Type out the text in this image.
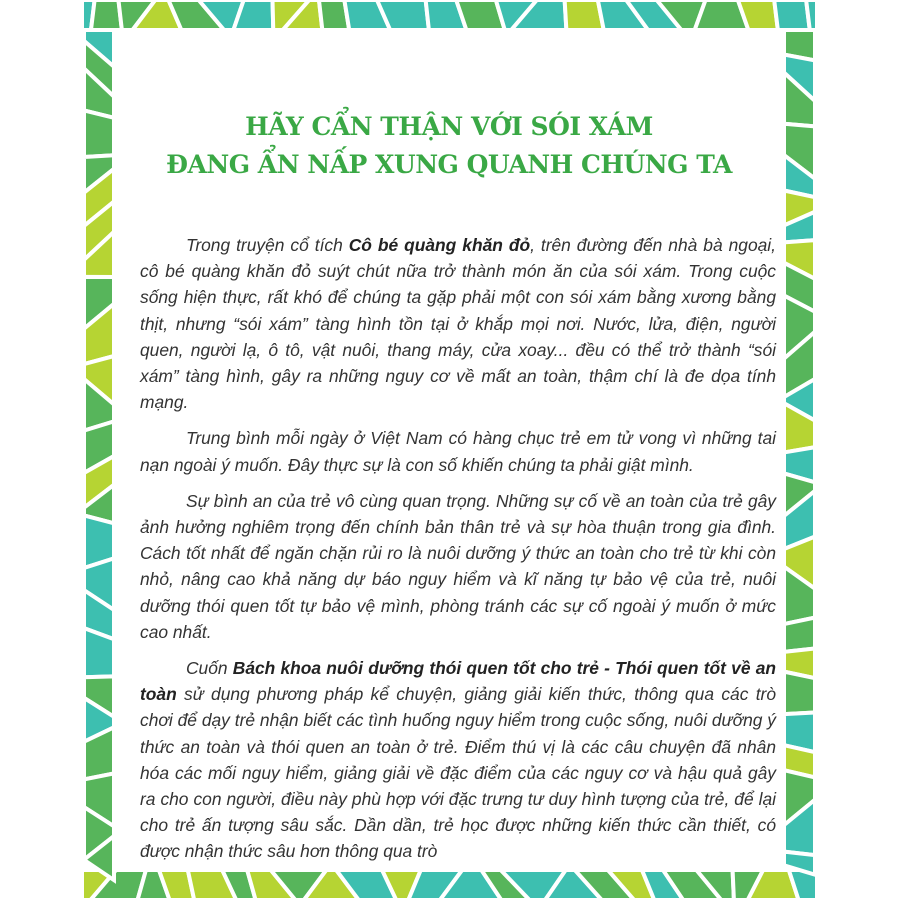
HÃY CẨN THẬN VỚI SÓI XÁM
ĐANG ẨN NẤP XUNG QUANH CHÚNG TA

Trong truyện cổ tích Cô bé quàng khăn đỏ, trên đường đến nhà bà ngoại, cô bé quàng khăn đỏ suýt chút nữa trở thành món ăn của sói xám. Trong cuộc sống hiện thực, rất khó để chúng ta gặp phải một con sói xám bằng xương bằng thịt, nhưng “sói xám” tàng hình tồn tại ở khắp mọi nơi. Nước, lửa, điện, người quen, người lạ, ô tô, vật nuôi, thang máy, cửa xoay... đều có thể trở thành “sói xám” tàng hình, gây ra những nguy cơ về mất an toàn, thậm chí là đe dọa tính mạng.

Trung bình mỗi ngày ở Việt Nam có hàng chục trẻ em tử vong vì những tai nạn ngoài ý muốn. Đây thực sự là con số khiến chúng ta phải giật mình.

Sự bình an của trẻ vô cùng quan trọng. Những sự cố về an toàn của trẻ gây ảnh hưởng nghiêm trọng đến chính bản thân trẻ và sự hòa thuận trong gia đình. Cách tốt nhất để ngăn chặn rủi ro là nuôi dưỡng ý thức an toàn cho trẻ từ khi còn nhỏ, nâng cao khả năng dự báo nguy hiểm và kĩ năng tự bảo vệ của trẻ, nuôi dưỡng thói quen tốt tự bảo vệ mình, phòng tránh các sự cố ngoài ý muốn ở mức cao nhất.

Cuốn Bách khoa nuôi dưỡng thói quen tốt cho trẻ - Thói quen tốt về an toàn sử dụng phương pháp kể chuyện, giảng giải kiến thức, thông qua các trò chơi để dạy trẻ nhận biết các tình huống nguy hiểm trong cuộc sống, nuôi dưỡng ý thức an toàn và thói quen an toàn ở trẻ. Điểm thú vị là các câu chuyện đã nhân hóa các mối nguy hiểm, giảng giải về đặc điểm của các nguy cơ và hậu quả gây ra cho con người, điều này phù hợp với đặc trưng tư duy hình tượng của trẻ, để lại cho trẻ ấn tượng sâu sắc. Dần dần, trẻ học được những kiến thức cần thiết, có được nhận thức sâu hơn thông qua trò
